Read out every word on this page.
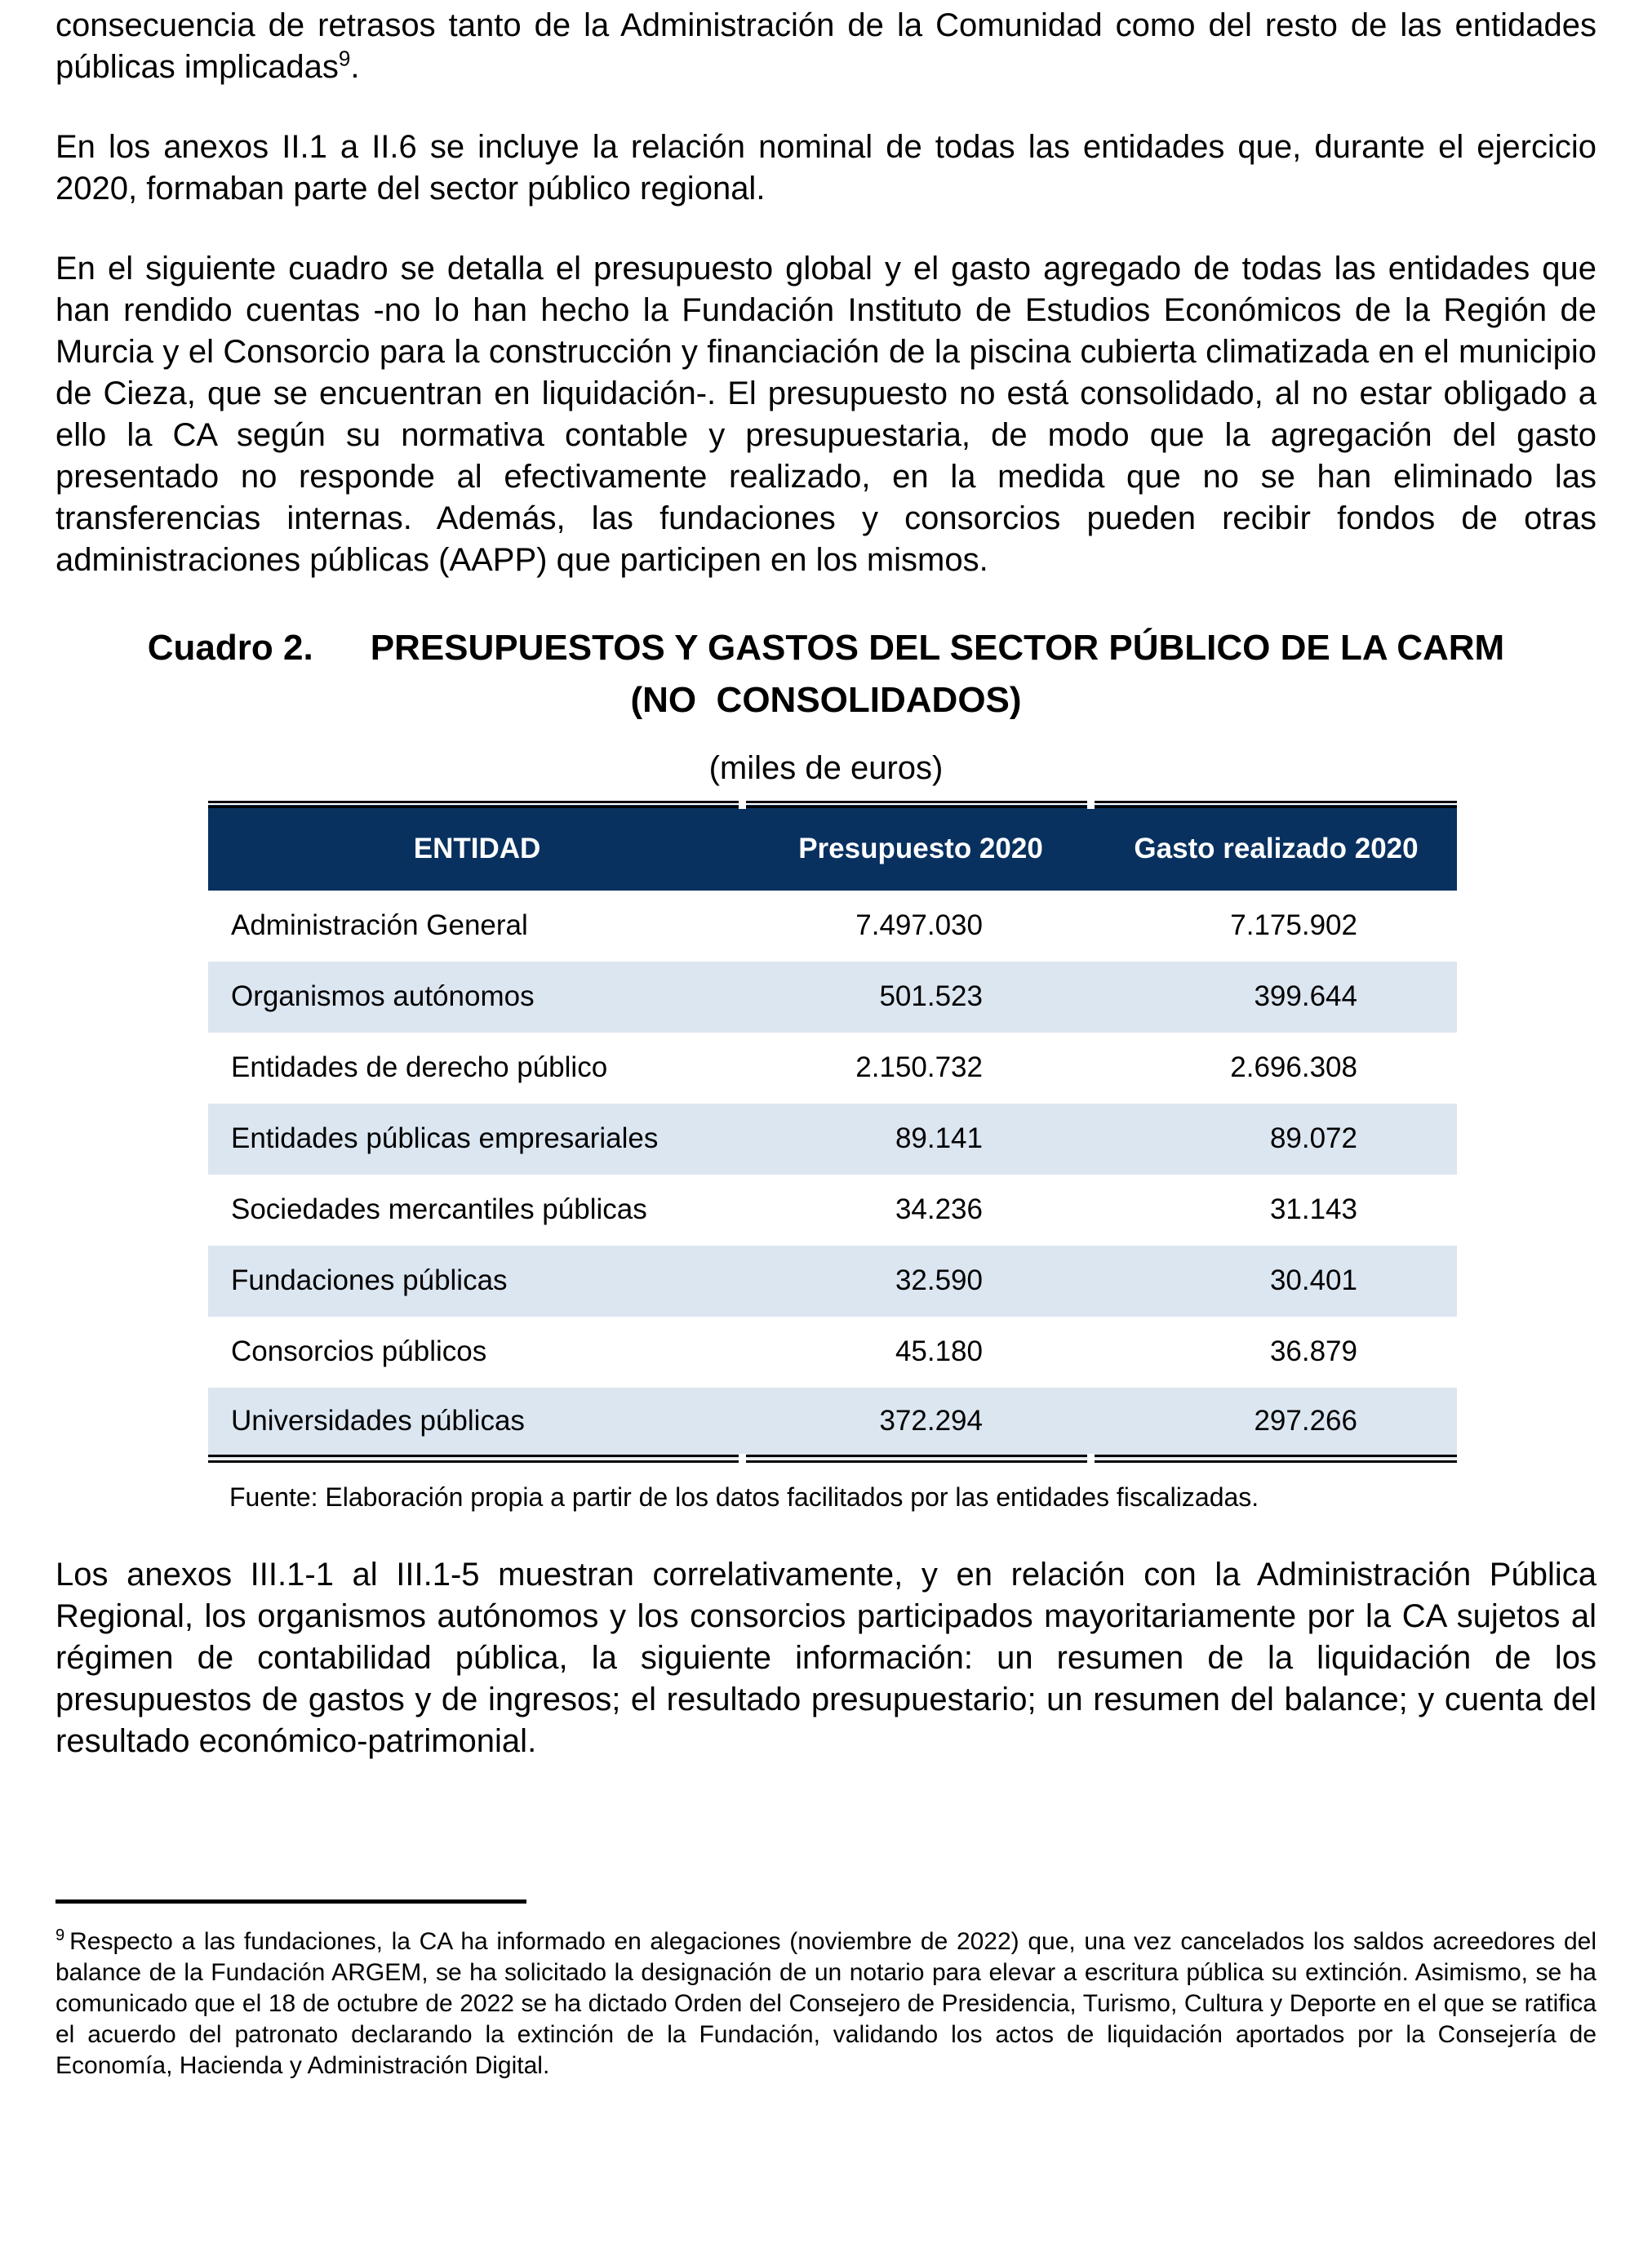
consecuencia de retrasos tanto de la Administración de la Comunidad como del resto de las entidades públicas implicadas$^9$.

En los anexos II.1 a II.6 se incluye la relación nominal de todas las entidades que, durante el ejercicio 2020, formaban parte del sector público regional.

En el siguiente cuadro se detalla el presupuesto global y el gasto agregado de todas las entidades que han rendido cuentas -no lo han hecho la Fundación Instituto de Estudios Económicos de la Región de Murcia y el Consorcio para la construcción y financiación de la piscina cubierta climatizada en el municipio de Cieza, que se encuentran en liquidación-. El presupuesto no está consolidado, al no estar obligado a ello la CA según su normativa contable y presupuestaria, de modo que la agregación del gasto presentado no responde al efectivamente realizado, en la medida que no se han eliminado las transferencias internas. Además, las fundaciones y consorcios pueden recibir fondos de otras administraciones públicas (AAPP) que participen en los mismos.

Cuadro 2. PRESUPUESTOS Y GASTOS DEL SECTOR PÚBLICO DE LA CARM
(NO  CONSOLIDADOS)
(miles de euros)
ENTIDAD	Presupuesto 2020	Gasto realizado 2020
Administración General	7.497.030	7.175.902
Organismos autónomos	501.523	399.644
Entidades de derecho público	2.150.732	2.696.308
Entidades públicas empresariales	89.141	89.072
Sociedades mercantiles públicas	34.236	31.143
Fundaciones públicas	32.590	30.401
Consorcios públicos	45.180	36.879
Universidades públicas	372.294	297.266
Fuente: Elaboración propia a partir de los datos facilitados por las entidades fiscalizadas.

Los anexos III.1-1 al III.1-5 muestran correlativamente, y en relación con la Administración Pública Regional, los organismos autónomos y los consorcios participados mayoritariamente por la CA sujetos al régimen de contabilidad pública, la siguiente información: un resumen de la liquidación de los presupuestos de gastos y de ingresos; el resultado presupuestario; un resumen del balance; y cuenta del resultado económico-patrimonial.

$^9$ Respecto a las fundaciones, la CA ha informado en alegaciones (noviembre de 2022) que, una vez cancelados los saldos acreedores del balance de la Fundación ARGEM, se ha solicitado la designación de un notario para elevar a escritura pública su extinción. Asimismo, se ha comunicado que el 18 de octubre de 2022 se ha dictado Orden del Consejero de Presidencia, Turismo, Cultura y Deporte en el que se ratifica el acuerdo del patronato declarando la extinción de la Fundación, validando los actos de liquidación aportados por la Consejería de Economía, Hacienda y Administración Digital.
